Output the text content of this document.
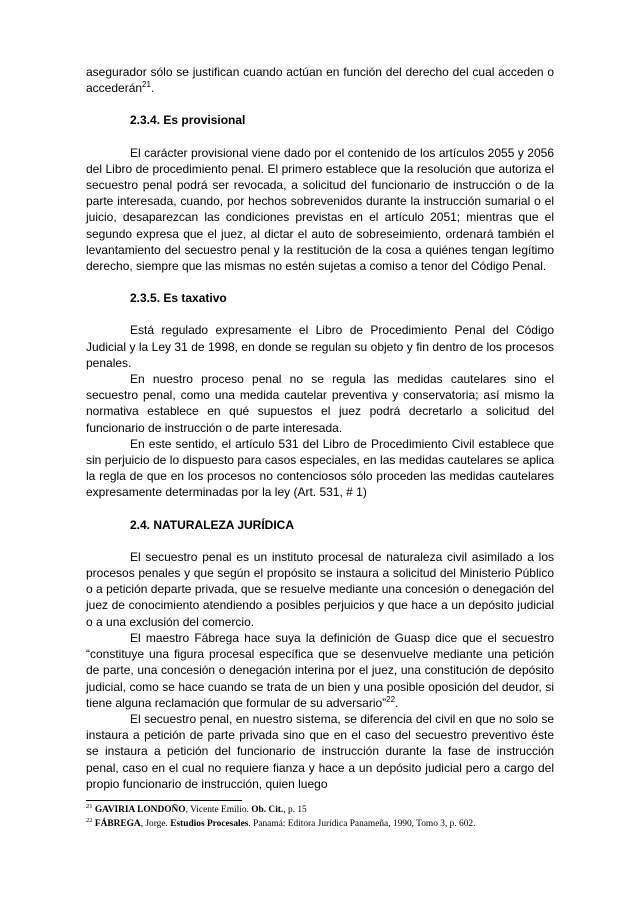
asegurador sólo se justifican cuando actúan en función del derecho del cual acceden o accederán$^{21}$.

2.3.4. Es provisional

El carácter provisional viene dado por el contenido de los artículos 2055 y 2056 del Libro de procedimiento penal. El primero establece que la resolución que autoriza el secuestro penal podrá ser revocada, a solicitud del funcionario de instrucción o de la parte interesada, cuando, por hechos sobrevenidos durante la instrucción sumarial o el juicio, desaparezcan las condiciones previstas en el artículo 2051; mientras que el segundo expresa que el juez, al dictar el auto de sobreseimiento, ordenará también el levantamiento del secuestro penal y la restitución de la cosa a quiénes tengan legítimo derecho, siempre que las mismas no estén sujetas a comiso a tenor del Código Penal.

2.3.5. Es taxativo

Está regulado expresamente el Libro de Procedimiento Penal del Código Judicial y la Ley 31 de 1998, en donde se regulan su objeto y fin dentro de los procesos penales.

En nuestro proceso penal no se regula las medidas cautelares sino el secuestro penal, como una medida cautelar preventiva y conservatoria; así mismo la normativa establece en qué supuestos el juez podrá decretarlo a solicitud del funcionario de instrucción o de parte interesada.

En este sentido, el artículo 531 del Libro de Procedimiento Civil establece que sin perjuicio de lo dispuesto para casos especiales, en las medidas cautelares se aplica la regla de que en los procesos no contenciosos sólo proceden las medidas cautelares expresamente determinadas por la ley (Art. 531, # 1)

2.4. NATURALEZA JURÍDICA

El secuestro penal es un instituto procesal de naturaleza civil asimilado a los procesos penales y que según el propósito se instaura a solicitud del Ministerio Público o a petición departe privada, que se resuelve mediante una concesión o denegación del juez de conocimiento atendiendo a posibles perjuicios y que hace a un depósito judicial o a una exclusión del comercio.

El maestro Fábrega hace suya la definición de Guasp dice que el secuestro “constituye una figura procesal específica que se desenvuelve mediante una petición de parte, una concesión o denegación interina por el juez, una constitución de depósito judicial, como se hace cuando se trata de un bien y una posible oposición del deudor, si tiene alguna reclamación que formular de su adversario”$^{22}$.

El secuestro penal, en nuestro sistema, se diferencia del civil en que no solo se instaura a petición de parte privada sino que en el caso del secuestro preventivo éste se instaura a petición del funcionario de instrucción durante la fase de instrucción penal, caso en el cual no requiere fianza y hace a un depósito judicial pero a cargo del propio funcionario de instrucción, quien luego

$^{21}$ GAVIRIA LONDOÑO, Vicente Emilio. Ob. Cit., p. 15
$^{22}$ FÁBREGA, Jorge. Estudios Procesales. Panamá: Editora Jurídica Panameña, 1990, Tomo 3, p. 602.
